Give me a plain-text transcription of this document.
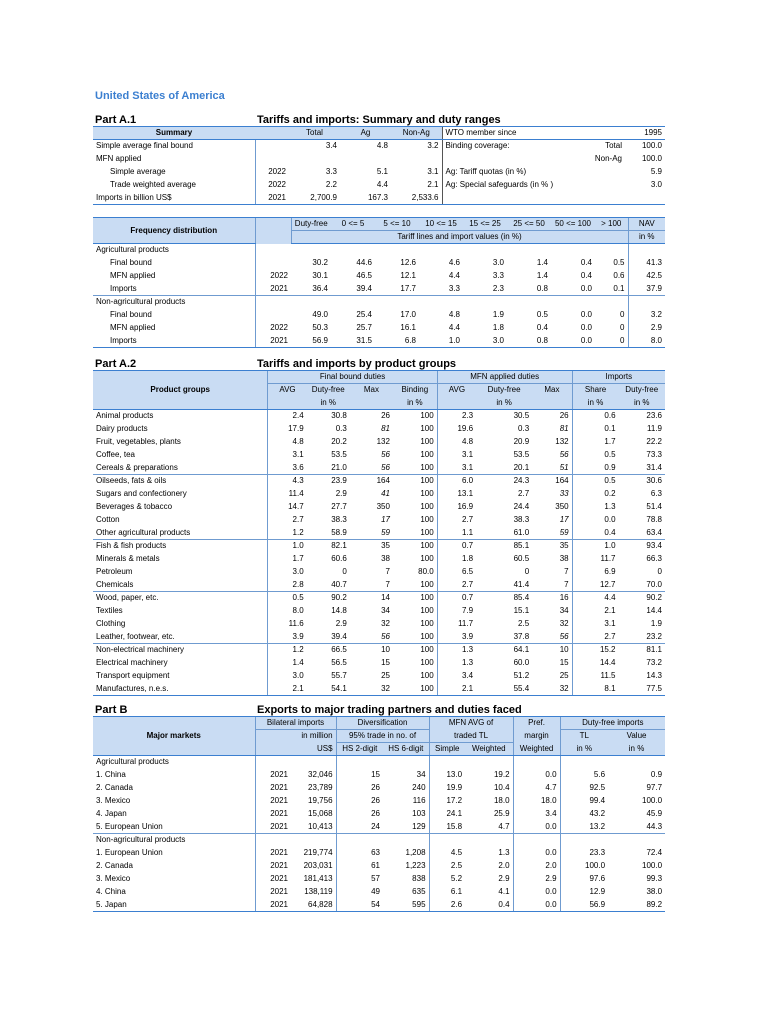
United States of America
Part A.1	Tariffs and imports: Summary and duty ranges
Summary		Total	Ag	Non-Ag	WTO member since		1995
Simple average final bound		3.4	4.8	3.2	Binding coverage:	Total	100.0
MFN applied						Non-Ag	100.0
Simple average	2022	3.3	5.1	3.1	Ag: Tariff quotas (in %)		5.9
Trade weighted average	2022	2.2	4.4	2.1	Ag: Special safeguards (in % )		3.0
Imports in billion US$	2021	2,700.9	167.3	2,533.6			
Frequency distribution		Duty-free	0 <= 5	5 <= 10	10 <= 15	15 <= 25	25 <= 50	50 <= 100	> 100	NAV
		Tariff lines and import values (in %)								in %
Agricultural products										
Final bound		30.2	44.6	12.6	4.6	3.0	1.4	0.4	0.5	41.3
MFN applied	2022	30.1	46.5	12.1	4.4	3.3	1.4	0.4	0.6	42.5
Imports	2021	36.4	39.4	17.7	3.3	2.3	0.8	0.0	0.1	37.9
Non-agricultural products										
Final bound		49.0	25.4	17.0	4.8	1.9	0.5	0.0	0	3.2
MFN applied	2022	50.3	25.7	16.1	4.4	1.8	0.4	0.0	0	2.9
Imports	2021	56.9	31.5	6.8	1.0	3.0	0.8	0.0	0	8.0
Part A.2	Tariffs and imports by product groups
Product groups	Final bound duties				MFN applied duties			Imports	
	AVG	Duty-free	Max	Binding	AVG	Duty-free	Max	Share	Duty-free
		in %		in %		in %		in %	in %
Animal products	2.4	30.8	26	100	2.3	30.5	26	0.6	23.6
Dairy products	17.9	0.3	81	100	19.6	0.3	81	0.1	11.9
Fruit, vegetables, plants	4.8	20.2	132	100	4.8	20.9	132	1.7	22.2
Coffee, tea	3.1	53.5	56	100	3.1	53.5	56	0.5	73.3
Cereals & preparations	3.6	21.0	56	100	3.1	20.1	51	0.9	31.4
Oilseeds, fats & oils	4.3	23.9	164	100	6.0	24.3	164	0.5	30.6
Sugars and confectionery	11.4	2.9	41	100	13.1	2.7	33	0.2	6.3
Beverages & tobacco	14.7	27.7	350	100	16.9	24.4	350	1.3	51.4
Cotton	2.7	38.3	17	100	2.7	38.3	17	0.0	78.8
Other agricultural products	1.2	58.9	59	100	1.1	61.0	59	0.4	63.4
Fish & fish products	1.0	82.1	35	100	0.7	85.1	35	1.0	93.4
Minerals & metals	1.7	60.6	38	100	1.8	60.5	38	11.7	66.3
Petroleum	3.0	0	7	80.0	6.5	0	7	6.9	0
Chemicals	2.8	40.7	7	100	2.7	41.4	7	12.7	70.0
Wood, paper, etc.	0.5	90.2	14	100	0.7	85.4	16	4.4	90.2
Textiles	8.0	14.8	34	100	7.9	15.1	34	2.1	14.4
Clothing	11.6	2.9	32	100	11.7	2.5	32	3.1	1.9
Leather, footwear, etc.	3.9	39.4	56	100	3.9	37.8	56	2.7	23.2
Non-electrical machinery	1.2	66.5	10	100	1.3	64.1	10	15.2	81.1
Electrical machinery	1.4	56.5	15	100	1.3	60.0	15	14.4	73.2
Transport equipment	3.0	55.7	25	100	3.4	51.2	25	11.5	14.3
Manufactures, n.e.s.	2.1	54.1	32	100	2.1	55.4	32	8.1	77.5
Part B	Exports to major trading partners and duties faced
Major markets	Bilateral imports		Diversification		MFN AVG of		Pref.	Duty-free imports	
		in million	95% trade in no. of		traded TL		margin	TL	Value
		US$	HS 2-digit	HS 6-digit	Simple	Weighted	Weighted	in %	in %
Agricultural products									
1. China	2021	32,046	15	34	13.0	19.2	0.0	5.6	0.9
2. Canada	2021	23,789	26	240	19.9	10.4	4.7	92.5	97.7
3. Mexico	2021	19,756	26	116	17.2	18.0	18.0	99.4	100.0
4. Japan	2021	15,068	26	103	24.1	25.9	3.4	43.2	45.9
5. European Union	2021	10,413	24	129	15.8	4.7	0.0	13.2	44.3
Non-agricultural products									
1. European Union	2021	219,774	63	1,208	4.5	1.3	0.0	23.3	72.4
2. Canada	2021	203,031	61	1,223	2.5	2.0	2.0	100.0	100.0
3. Mexico	2021	181,413	57	838	5.2	2.9	2.9	97.6	99.3
4. China	2021	138,119	49	635	6.1	4.1	0.0	12.9	38.0
5. Japan	2021	64,828	54	595	2.6	0.4	0.0	56.9	89.2
